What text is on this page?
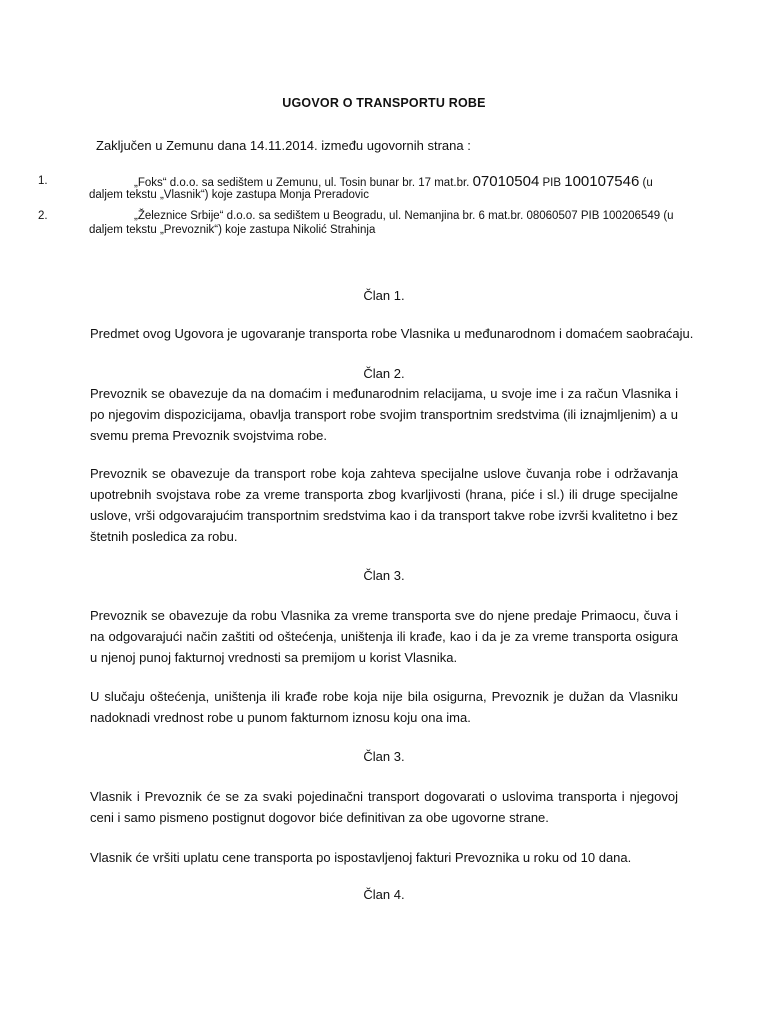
UGOVOR O TRANSPORTU ROBE
Zaključen u Zemunu dana 14.11.2014. između ugovornih strana :
1.	„Foks“ d.o.o. sa sedištem u Zemunu, ul. Tosin bunar br. 17 mat.br. 07010504 PIB 100107546 (u
daljem tekstu „Vlasnik“) koje zastupa Monja Preradovic
2.	„Železnice Srbije“ d.o.o. sa sedištem u Beogradu, ul. Nemanjina br. 6 mat.br. 08060507 PIB 100206549 (u
daljem tekstu „Prevoznik“) koje zastupa Nikolić Strahinja
Član 1.
Predmet ovog Ugovora je ugovaranje transporta robe Vlasnika u međunarodnom i domaćem saobraćaju.
Član 2.
Prevoznik se obavezuje da na domaćim i međunarodnim relacijama, u svoje ime i za račun Vlasnika i po njegovim dispozicijama, obavlja transport robe svojim transportnim sredstvima (ili iznajmljenim) a u svemu prema Prevoznik svojstvima robe.
Prevoznik se obavezuje da transport robe koja zahteva specijalne uslove čuvanja robe i održavanja upotrebnih svojstava robe za vreme transporta zbog kvarljivosti (hrana, piće i sl.) ili druge specijalne uslove, vrši odgovarajućim transportnim sredstvima kao i da transport takve robe izvrši kvalitetno i bez štetnih posledica za robu.
Član 3.
Prevoznik se obavezuje da robu Vlasnika za vreme transporta sve do njene predaje Primaocu, čuva i na odgovarajući način zaštiti od oštećenja, uništenja ili krađe, kao i da je za vreme transporta osigura u njenoj punoj fakturnoj vrednosti sa premijom u korist Vlasnika.
U slučaju oštećenja, uništenja ili krađe robe koja nije bila osigurna, Prevoznik je dužan da Vlasniku nadoknadi vrednost robe u punom fakturnom iznosu koju ona ima.
Član 3.
Vlasnik i Prevoznik će se za svaki pojedinačni transport dogovarati o uslovima transporta i njegovoj ceni i samo pismeno postignut dogovor biće definitivan za obe ugovorne strane.
Vlasnik će vršiti uplatu cene transporta po ispostavljenoj fakturi Prevoznika u roku od 10 dana.
Član 4.
